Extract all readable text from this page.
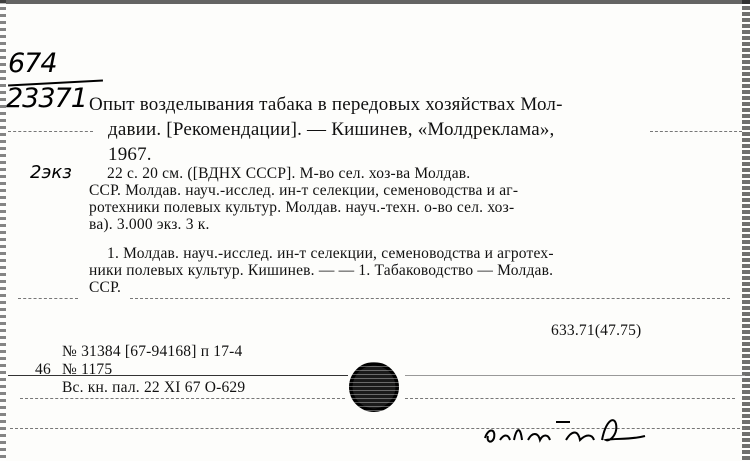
674
23371
2экз
Опыт возделывания табака в передовых хозяйствах Мол-
давии. [Рекомендации]. — Кишинев, «Молдреклама»,
1967.
22 с. 20 см. ([ВДНХ СССР]. М-во сел. хоз-ва Молдав.
ССР. Молдав. науч.-исслед. ин-т селекции, семеноводства и аг-
ротехники полевых культур. Молдав. науч.-техн. о-во сел. хоз-
ва). 3.000 экз. 3 к.
1. Молдав. науч.-исслед. ин-т селекции, семеноводства и агротех-
ники полевых культур. Кишинев. — — 1. Табаководство — Молдав.
ССР.
633.71(47.75)
№ 31384 [67-94168] п 17-4
46 № 1175
Вс. кн. пал. 22 XI 67 О-629
